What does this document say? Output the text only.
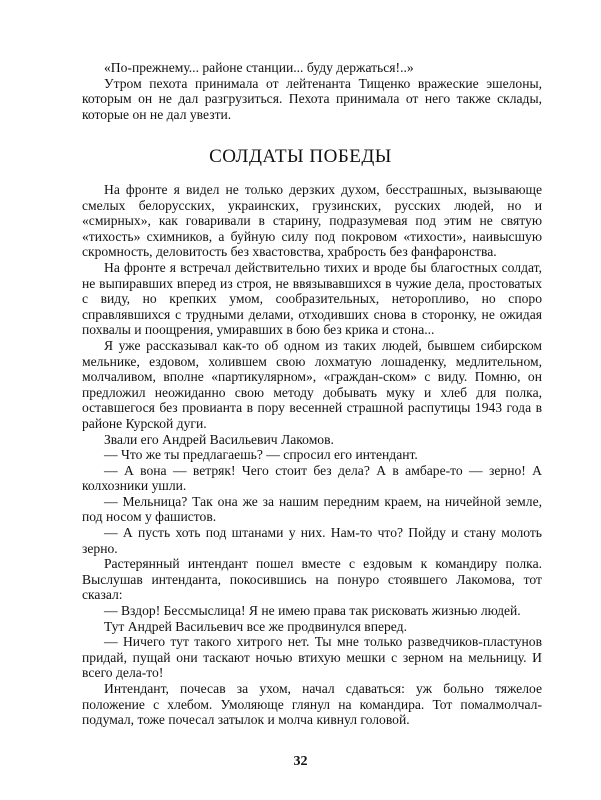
«По-прежнему... районе станции... буду держаться!..»

Утром пехота принимала от лейтенанта Тищенко вражеские эшелоны, которым он не дал разгрузиться. Пехота принимала от него также склады, которые он не дал увезти.

СОЛДАТЫ ПОБЕДЫ

На фронте я видел не только дерзких духом, бесстрашных, вызывающе смелых белорусских, украинских, грузинских, русских людей, но и «смирных», как говаривали в старину, подразумевая под этим не святую «тихость» схимников, а буйную силу под покровом «тихости», наивысшую скромность, деловитость без хвастовства, храбрость без фанфаронства.

На фронте я встречал действительно тихих и вроде бы благостных солдат, не выпиравших вперед из строя, не ввязывавшихся в чужие дела, простоватых с виду, но крепких умом, сообразительных, неторопливо, но споро справлявшихся с трудными делами, отходивших снова в сторонку, не ожидая похвалы и поощрения, умиравших в бою без крика и стона...

Я уже рассказывал как-то об одном из таких людей, бывшем сибирском мельнике, ездовом, холившем свою лохматую лошаденку, медлительном, молчаливом, вполне «партикулярном», «граждан-ском» с виду. Помню, он предложил неожиданно свою методу добывать муку и хлеб для полка, оставшегося без провианта в пору весенней страшной распутицы 1943 года в районе Курской дуги.

Звали его Андрей Васильевич Лакомов.

— Что же ты предлагаешь? — спросил его интендант.

— А вона — ветряк! Чего стоит без дела? А в амбаре-то — зерно! А колхозники ушли.

— Мельница? Так она же за нашим передним краем, на ничейной земле, под носом у фашистов.

— А пусть хоть под штанами у них. Нам-то что? Пойду и стану молоть зерно.

Растерянный интендант пошел вместе с ездовым к командиру полка. Выслушав интенданта, покосившись на понуро стоявшего Лакомова, тот сказал:

— Вздор! Бессмыслица! Я не имею права так рисковать жизнью людей.

Тут Андрей Васильевич все же продвинулся вперед.

— Ничего тут такого хитрого нет. Ты мне только разведчиков-пластунов придай, пущай они таскают ночью втихую мешки с зерном на мельницу. И всего дела-то!

Интендант, почесав за ухом, начал сдаваться: уж больно тяжелое положение с хлебом. Умоляюще глянул на командира. Тот помалмолчал-подумал, тоже почесал затылок и молча кивнул головой.

32
